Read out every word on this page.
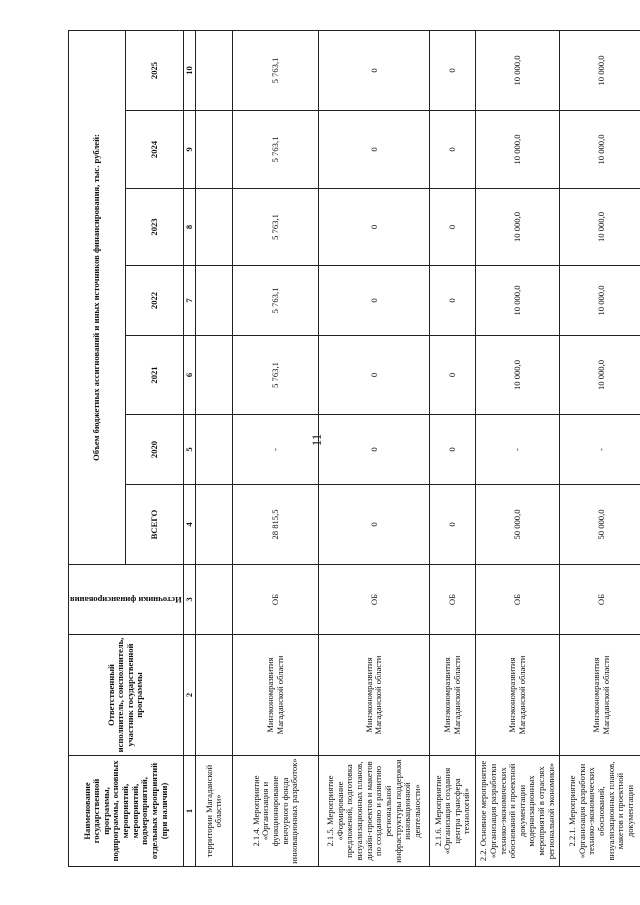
11
Наименование государственной программы, подпрограммы, основных мероприятий, мероприятий, подмероприятий, отдельных мероприятий (при наличии)	Ответственный исполнитель, соисполнитель, участник государственной программы	Источники финансирования	Объем бюджетных ассигнований и иных источников финансирования, тыс. рублей:						
			ВСЕГО	2020	2021	2022	2023	2024	2025
1	2	3	4	5	6	7	8	9	10
территории Магаданской области»									
2.1.4. Мероприятие «Организация и функционирование венчурного фонда инновационных разработок»	Минэкономразвития Магаданской области	ОБ	28 815,5	-	5 763,1	5 763,1	5 763,1	5 763,1	5 763,1
2.1.5. Мероприятие «Формирование предложений, подготовка визуализационных планов, дизайн-проектов и макетов по созданию и развитию региональной инфраструктуры поддержки инновационной деятельности»	Минэкономразвития Магаданской области	ОБ	0	0	0	0	0	0	0
2.1.6. Мероприятие «Организация создания центра трансфера технологий»	Минэкономразвития Магаданской области	ОБ	0	0	0	0	0	0	0
2.2. Основное мероприятие «Организация разработки технико-экономических обоснований и проектной документации модернизационных мероприятий в отраслях региональной экономики»	Минэкономразвития Магаданской области	ОБ	50 000,0	-	10 000,0	10 000,0	10 000,0	10 000,0	10 000,0
2.2.1. Мероприятие «Организация разработки технико-экономических обоснований, визуализационных планов, макетов и проектной документации	Минэкономразвития Магаданской области	ОБ	50 000,0	-	10 000,0	10 000,0	10 000,0	10 000,0	10 000,0
